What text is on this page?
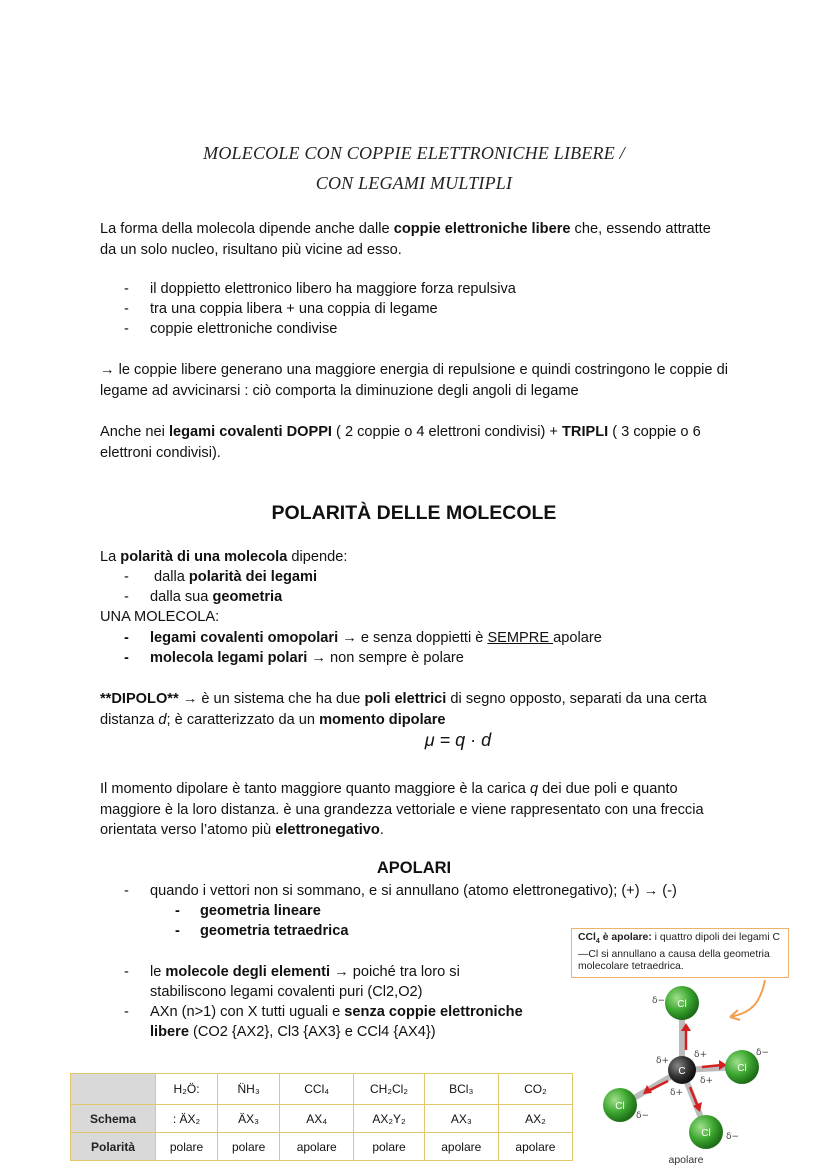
MOLECOLE CON COPPIE ELETTRONICHE LIBERE /
CON LEGAMI MULTIPLI
La forma della molecola dipende anche dalle coppie elettroniche libere che, essendo attratte da un solo nucleo, risultano più vicine ad esso.
- il doppietto elettronico libero ha maggiore forza repulsiva
- tra una coppia libera + una coppia di legame
- coppie elettroniche condivise
→ le coppie libere generano una maggiore energia di repulsione e quindi costringono le coppie di legame ad avvicinarsi : ciò comporta la diminuzione degli angoli di legame
Anche nei legami covalenti DOPPI ( 2 coppie o 4 elettroni condivisi) + TRIPLI ( 3 coppie o 6 elettroni condivisi).
POLARITÀ DELLE MOLECOLE
La polarità di una molecola dipende:
- dalla polarità dei legami
- dalla sua geometria
UNA MOLECOLA:
- legami covalenti omopolari → e senza doppietti è SEMPRE apolare
- molecola legami polari → non sempre è polare
**DIPOLO** → è un sistema che ha due poli elettrici di segno opposto, separati da una certa distanza d; è caratterizzato da un momento dipolare
μ = q · d
Il momento dipolare è tanto maggiore quanto maggiore è la carica q dei due poli e quanto maggiore è la loro distanza. è una grandezza vettoriale e viene rappresentato con una freccia orientata verso l’atomo più elettronegativo.
APOLARI
- quando i vettori non si sommano, e si annullano (atomo elettronegativo); (+) → (-)
- geometria lineare
- geometria tetraedrica
- le molecole degli elementi → poiché tra loro si
stabiliscono legami covalenti puri (Cl2,O2)
- AXn (n>1) con X tutti uguali e senza coppie elettroniche
libere (CO2 {AX2}, Cl3 {AX3} e CCl4 {AX4})
	H₂Ö:	N̈H₃	CCl₄	CH₂Cl₂	BCl₃	CO₂
Schema	: ÄX₂	ÄX₃	AX₄	AX₂Y₂	AX₃	AX₂
Polarità	polare	polare	apolare	polare	apolare	apolare
CCl$_4$ è apolare: i quattro dipoli dei legami C—Cl si annullano a causa della geometria molecolare tetraedrica.
C
Cl
Cl
Cl
Cl
δ−
δ−
δ−
δ−
δ+
δ+
δ+
δ+
apolare
